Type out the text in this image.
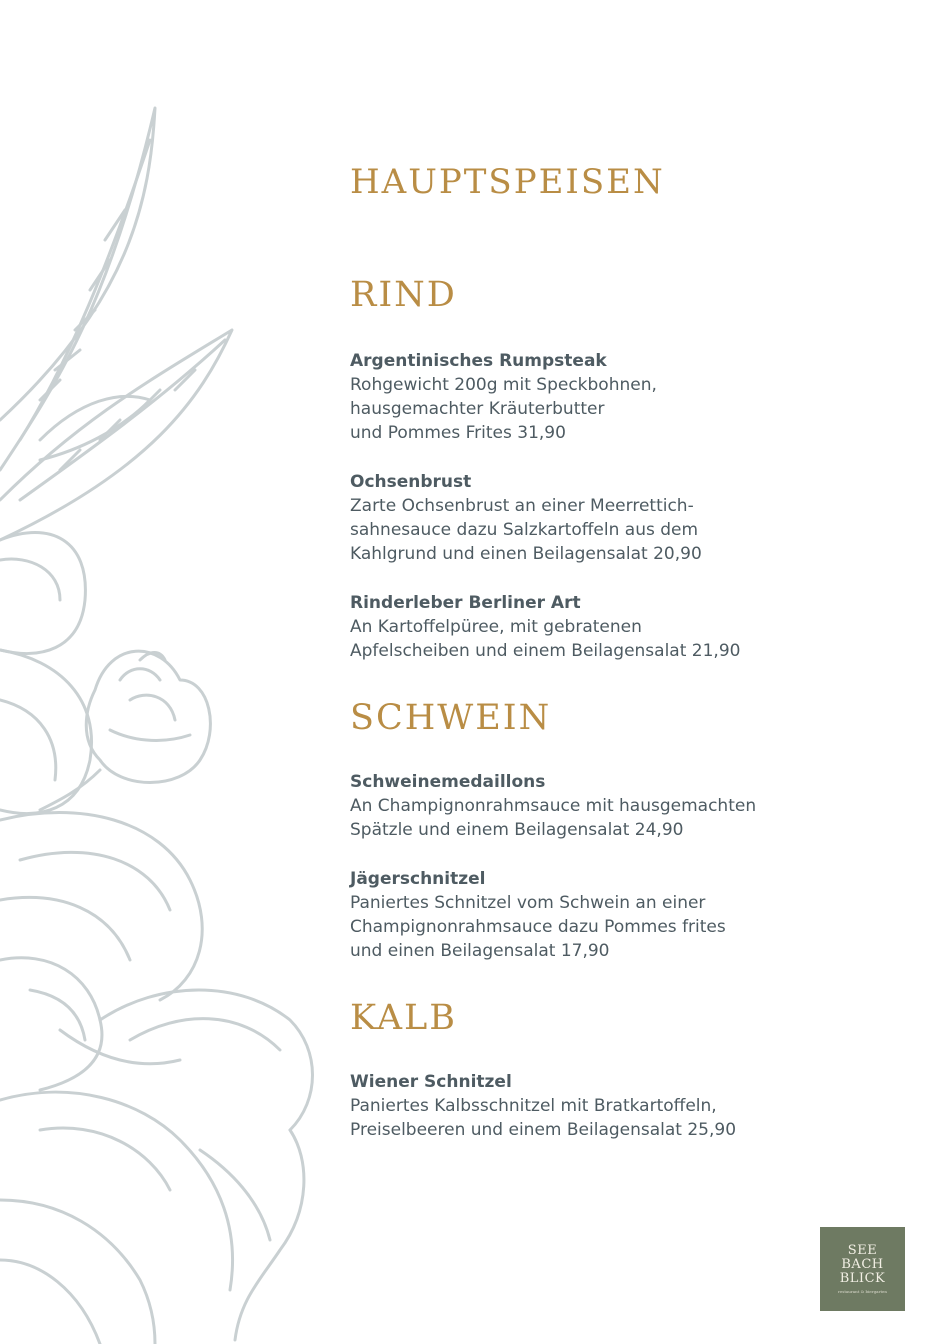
HAUPTSPEISEN
RIND
Argentinisches Rumpsteak
Rohgewicht 200g mit Speckbohnen,
hausgemachter Kräuterbutter
und Pommes Frites 31,90
Ochsenbrust
Zarte Ochsenbrust an einer Meerrettich-
sahnesauce dazu Salzkartoffeln aus dem
Kahlgrund und einen Beilagensalat 20,90
Rinderleber Berliner Art
An Kartoffelpüree, mit gebratenen
Apfelscheiben und einem Beilagensalat 21,90
SCHWEIN
Schweinemedaillons
An Champignonrahmsauce mit hausgemachten
Spätzle und einem Beilagensalat 24,90
Jägerschnitzel
Paniertes Schnitzel vom Schwein an einer
Champignonrahmsauce dazu Pommes frites
und einen Beilagensalat 17,90
KALB
Wiener Schnitzel
Paniertes Kalbsschnitzel mit Bratkartoffeln,
Preiselbeeren und einem Beilagensalat 25,90
SEE
BACH
BLICK
restaurant & biergarten
